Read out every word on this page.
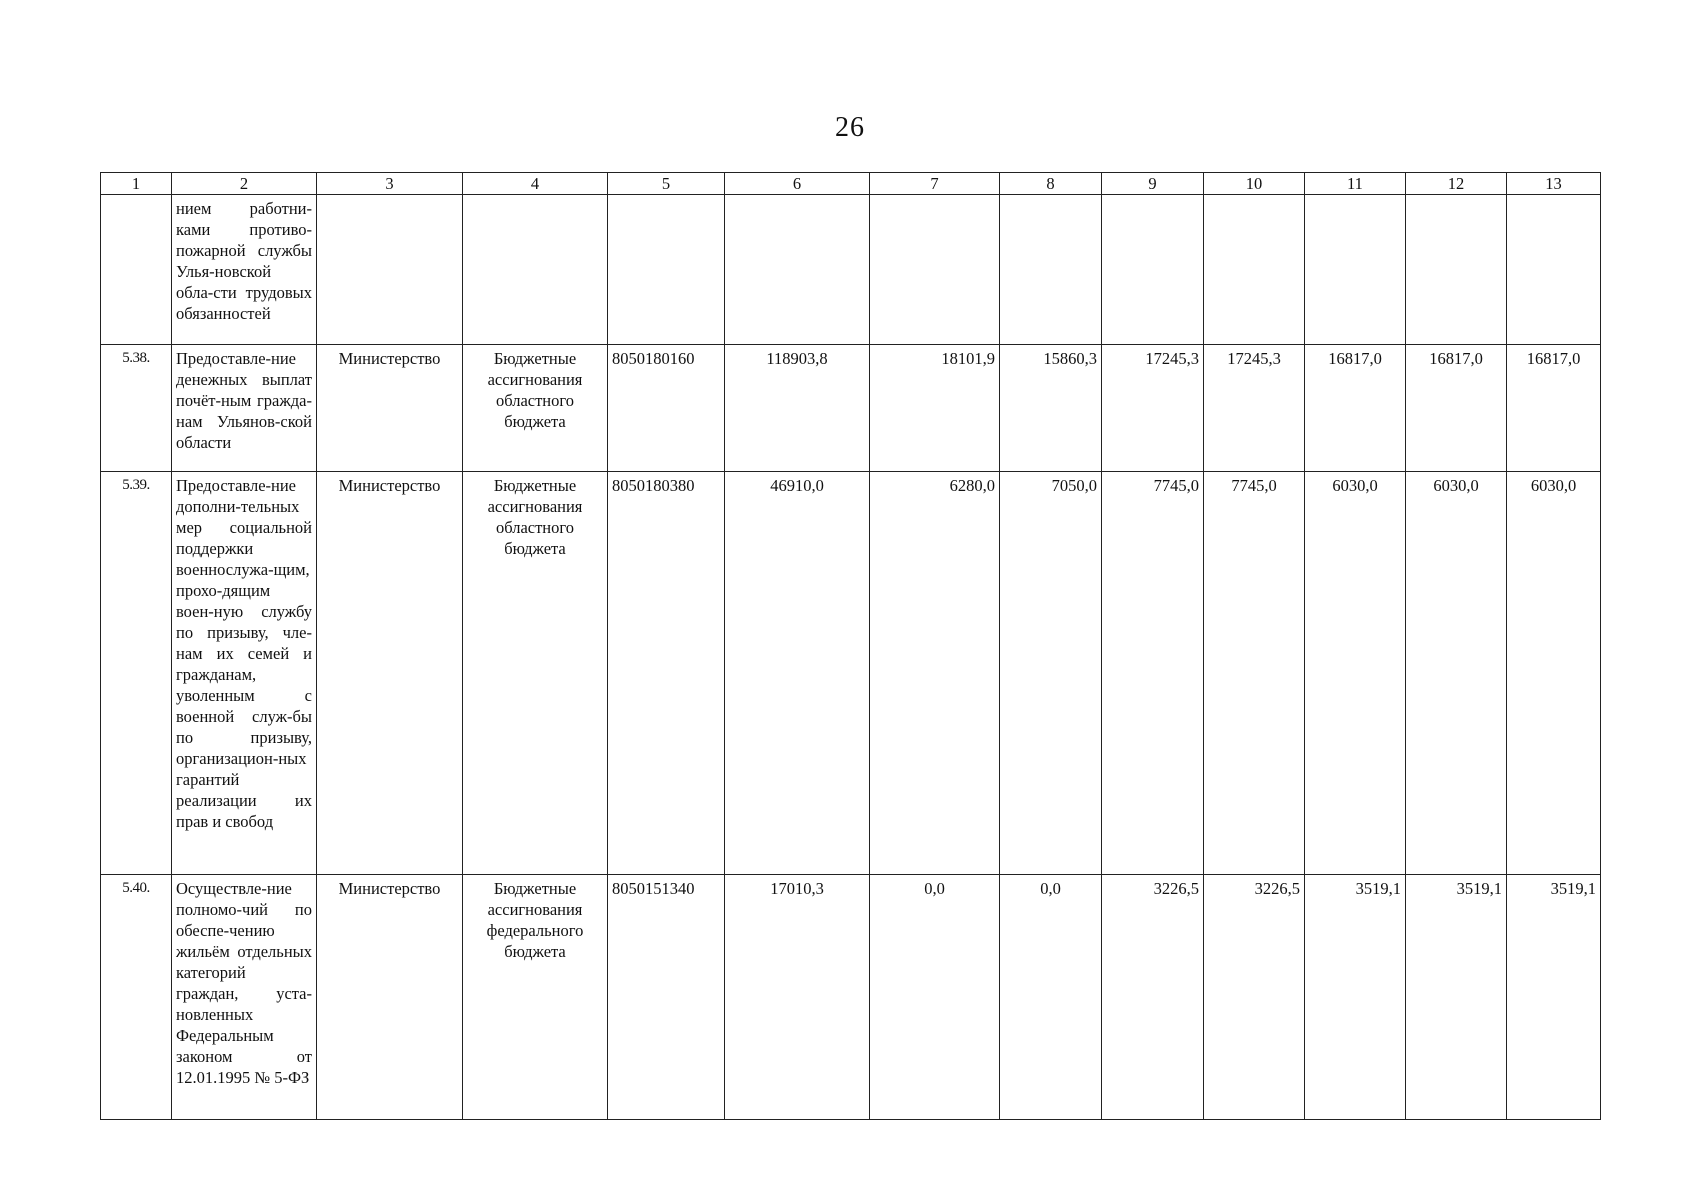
26
1	2	3	4	5	6	7	8	9	10	11	12	13
	нием работни-ками противо-пожарной службы Улья-новской обла-сти трудовых обязанностей											
5.38.	Предоставле-ние денежных выплат почёт-ным гражда-нам Ульянов-ской области	Министерство	Бюджетные ассигнования областного бюджета	8050180160	118903,8	18101,9	15860,3	17245,3	17245,3	16817,0	16817,0	16817,0
5.39.	Предоставле-ние дополни-тельных мер социальной поддержки военнослужа-щим, прохо-дящим воен-ную службу по призыву, чле-нам их семей и гражданам, уволенным с военной служ-бы по призыву, организацион-ных гарантий реализации их прав и свобод	Министерство	Бюджетные ассигнования областного бюджета	8050180380	46910,0	6280,0	7050,0	7745,0	7745,0	6030,0	6030,0	6030,0
5.40.	Осуществле-ние полномо-чий по обеспе-чению жильём отдельных категорий граждан, уста-новленных Федеральным законом от 12.01.1995 № 5-ФЗ	Министерство	Бюджетные ассигнования федерального бюджета	8050151340	17010,3	0,0	0,0	3226,5	3226,5	3519,1	3519,1	3519,1
